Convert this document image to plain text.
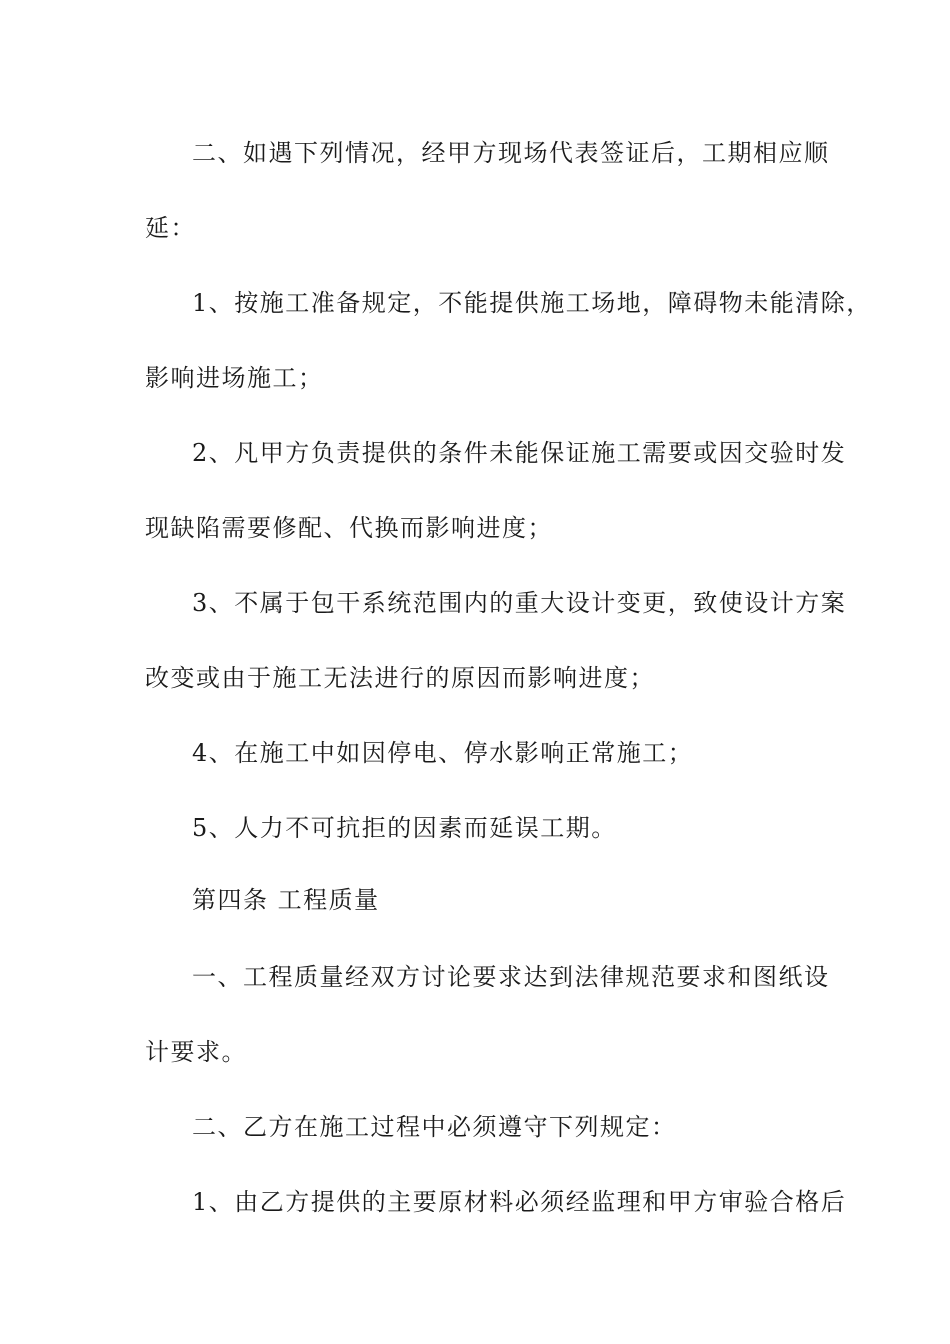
二、如遇下列情况，经甲方现场代表签证后，工期相应顺
延：
1、按施工准备规定，不能提供施工场地，障碍物未能清除，
影响进场施工；
2、凡甲方负责提供的条件未能保证施工需要或因交验时发
现缺陷需要修配、代换而影响进度；
3、不属于包干系统范围内的重大设计变更，致使设计方案
改变或由于施工无法进行的原因而影响进度；
4、在施工中如因停电、停水影响正常施工；
5、人力不可抗拒的因素而延误工期。
第四条 工程质量
一、工程质量经双方讨论要求达到法律规范要求和图纸设
计要求。
二、乙方在施工过程中必须遵守下列规定：
1、由乙方提供的主要原材料必须经监理和甲方审验合格后
